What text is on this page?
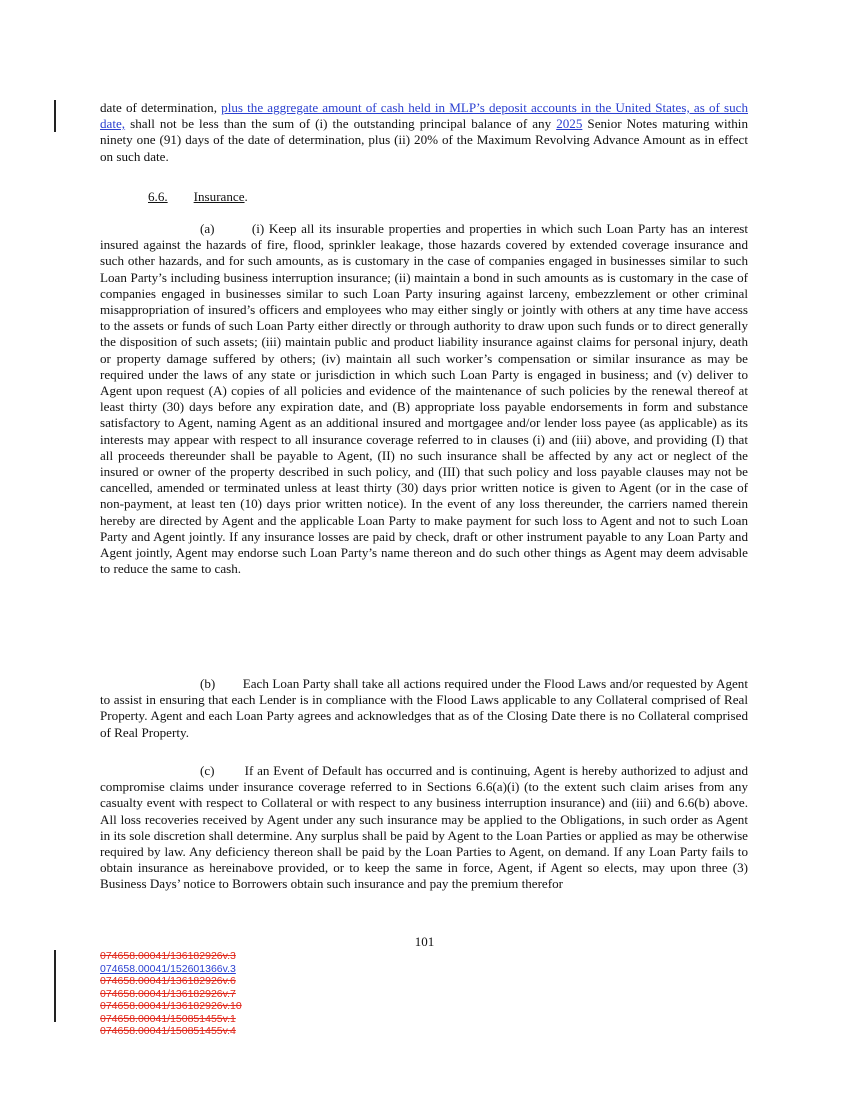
date of determination, plus the aggregate amount of cash held in MLP’s deposit accounts in the United States, as of such date, shall not be less than the sum of (i) the outstanding principal balance of any 2025 Senior Notes maturing within ninety one (91) days of the date of determination, plus (ii) 20% of the Maximum Revolving Advance Amount as in effect on such date.
6.6. Insurance.
(a)        (i) Keep all its insurable properties and properties in which such Loan Party has an interest insured against the hazards of fire, flood, sprinkler leakage, those hazards covered by extended coverage insurance and such other hazards, and for such amounts, as is customary in the case of companies engaged in businesses similar to such Loan Party’s including business interruption insurance; (ii) maintain a bond in such amounts as is customary in the case of companies engaged in businesses similar to such Loan Party insuring against larceny, embezzlement or other criminal misappropriation of insured’s officers and employees who may either singly or jointly with others at any time have access to the assets or funds of such Loan Party either directly or through authority to draw upon such funds or to direct generally the disposition of such assets; (iii) maintain public and product liability insurance against claims for personal injury, death or property damage suffered by others; (iv) maintain all such worker’s compensation or similar insurance as may be required under the laws of any state or jurisdiction in which such Loan Party is engaged in business; and (v) deliver to Agent upon request (A) copies of all policies and evidence of the maintenance of such policies by the renewal thereof at least thirty (30) days before any expiration date, and (B) appropriate loss payable endorsements in form and substance satisfactory to Agent, naming Agent as an additional insured and mortgagee and/or lender loss payee (as applicable) as its interests may appear with respect to all insurance coverage referred to in clauses (i) and (iii) above, and providing (I) that all proceeds thereunder shall be payable to Agent, (II) no such insurance shall be affected by any act or neglect of the insured or owner of the property described in such policy, and (III) that such policy and loss payable clauses may not be cancelled, amended or terminated unless at least thirty (30) days prior written notice is given to Agent (or in the case of non-payment, at least ten (10) days prior written notice). In the event of any loss thereunder, the carriers named therein hereby are directed by Agent and the applicable Loan Party to make payment for such loss to Agent and not to such Loan Party and Agent jointly. If any insurance losses are paid by check, draft or other instrument payable to any Loan Party and Agent jointly, Agent may endorse such Loan Party’s name thereon and do such other things as Agent may deem advisable to reduce the same to cash.
(b)        Each Loan Party shall take all actions required under the Flood Laws and/or requested by Agent to assist in ensuring that each Lender is in compliance with the Flood Laws applicable to any Collateral comprised of Real Property. Agent and each Loan Party agrees and acknowledges that as of the Closing Date there is no Collateral comprised of Real Property.
(c)        If an Event of Default has occurred and is continuing, Agent is hereby authorized to adjust and compromise claims under insurance coverage referred to in Sections 6.6(a)(i) (to the extent such claim arises from any casualty event with respect to Collateral or with respect to any business interruption insurance) and (iii) and 6.6(b) above. All loss recoveries received by Agent under any such insurance may be applied to the Obligations, in such order as Agent in its sole discretion shall determine. Any surplus shall be paid by Agent to the Loan Parties or applied as may be otherwise required by law. Any deficiency thereon shall be paid by the Loan Parties to Agent, on demand. If any Loan Party fails to obtain insurance as hereinabove provided, or to keep the same in force, Agent, if Agent so elects, may upon three (3) Business Days’ notice to Borrowers obtain such insurance and pay the premium therefor
101
074658.00041/136182926v.3
074658.00041/152601366v.3
074658.00041/136182926v.6
074658.00041/136182926v.7
074658.00041/136182926v.10
074658.00041/150851455v.1
074658.00041/150851455v.4
